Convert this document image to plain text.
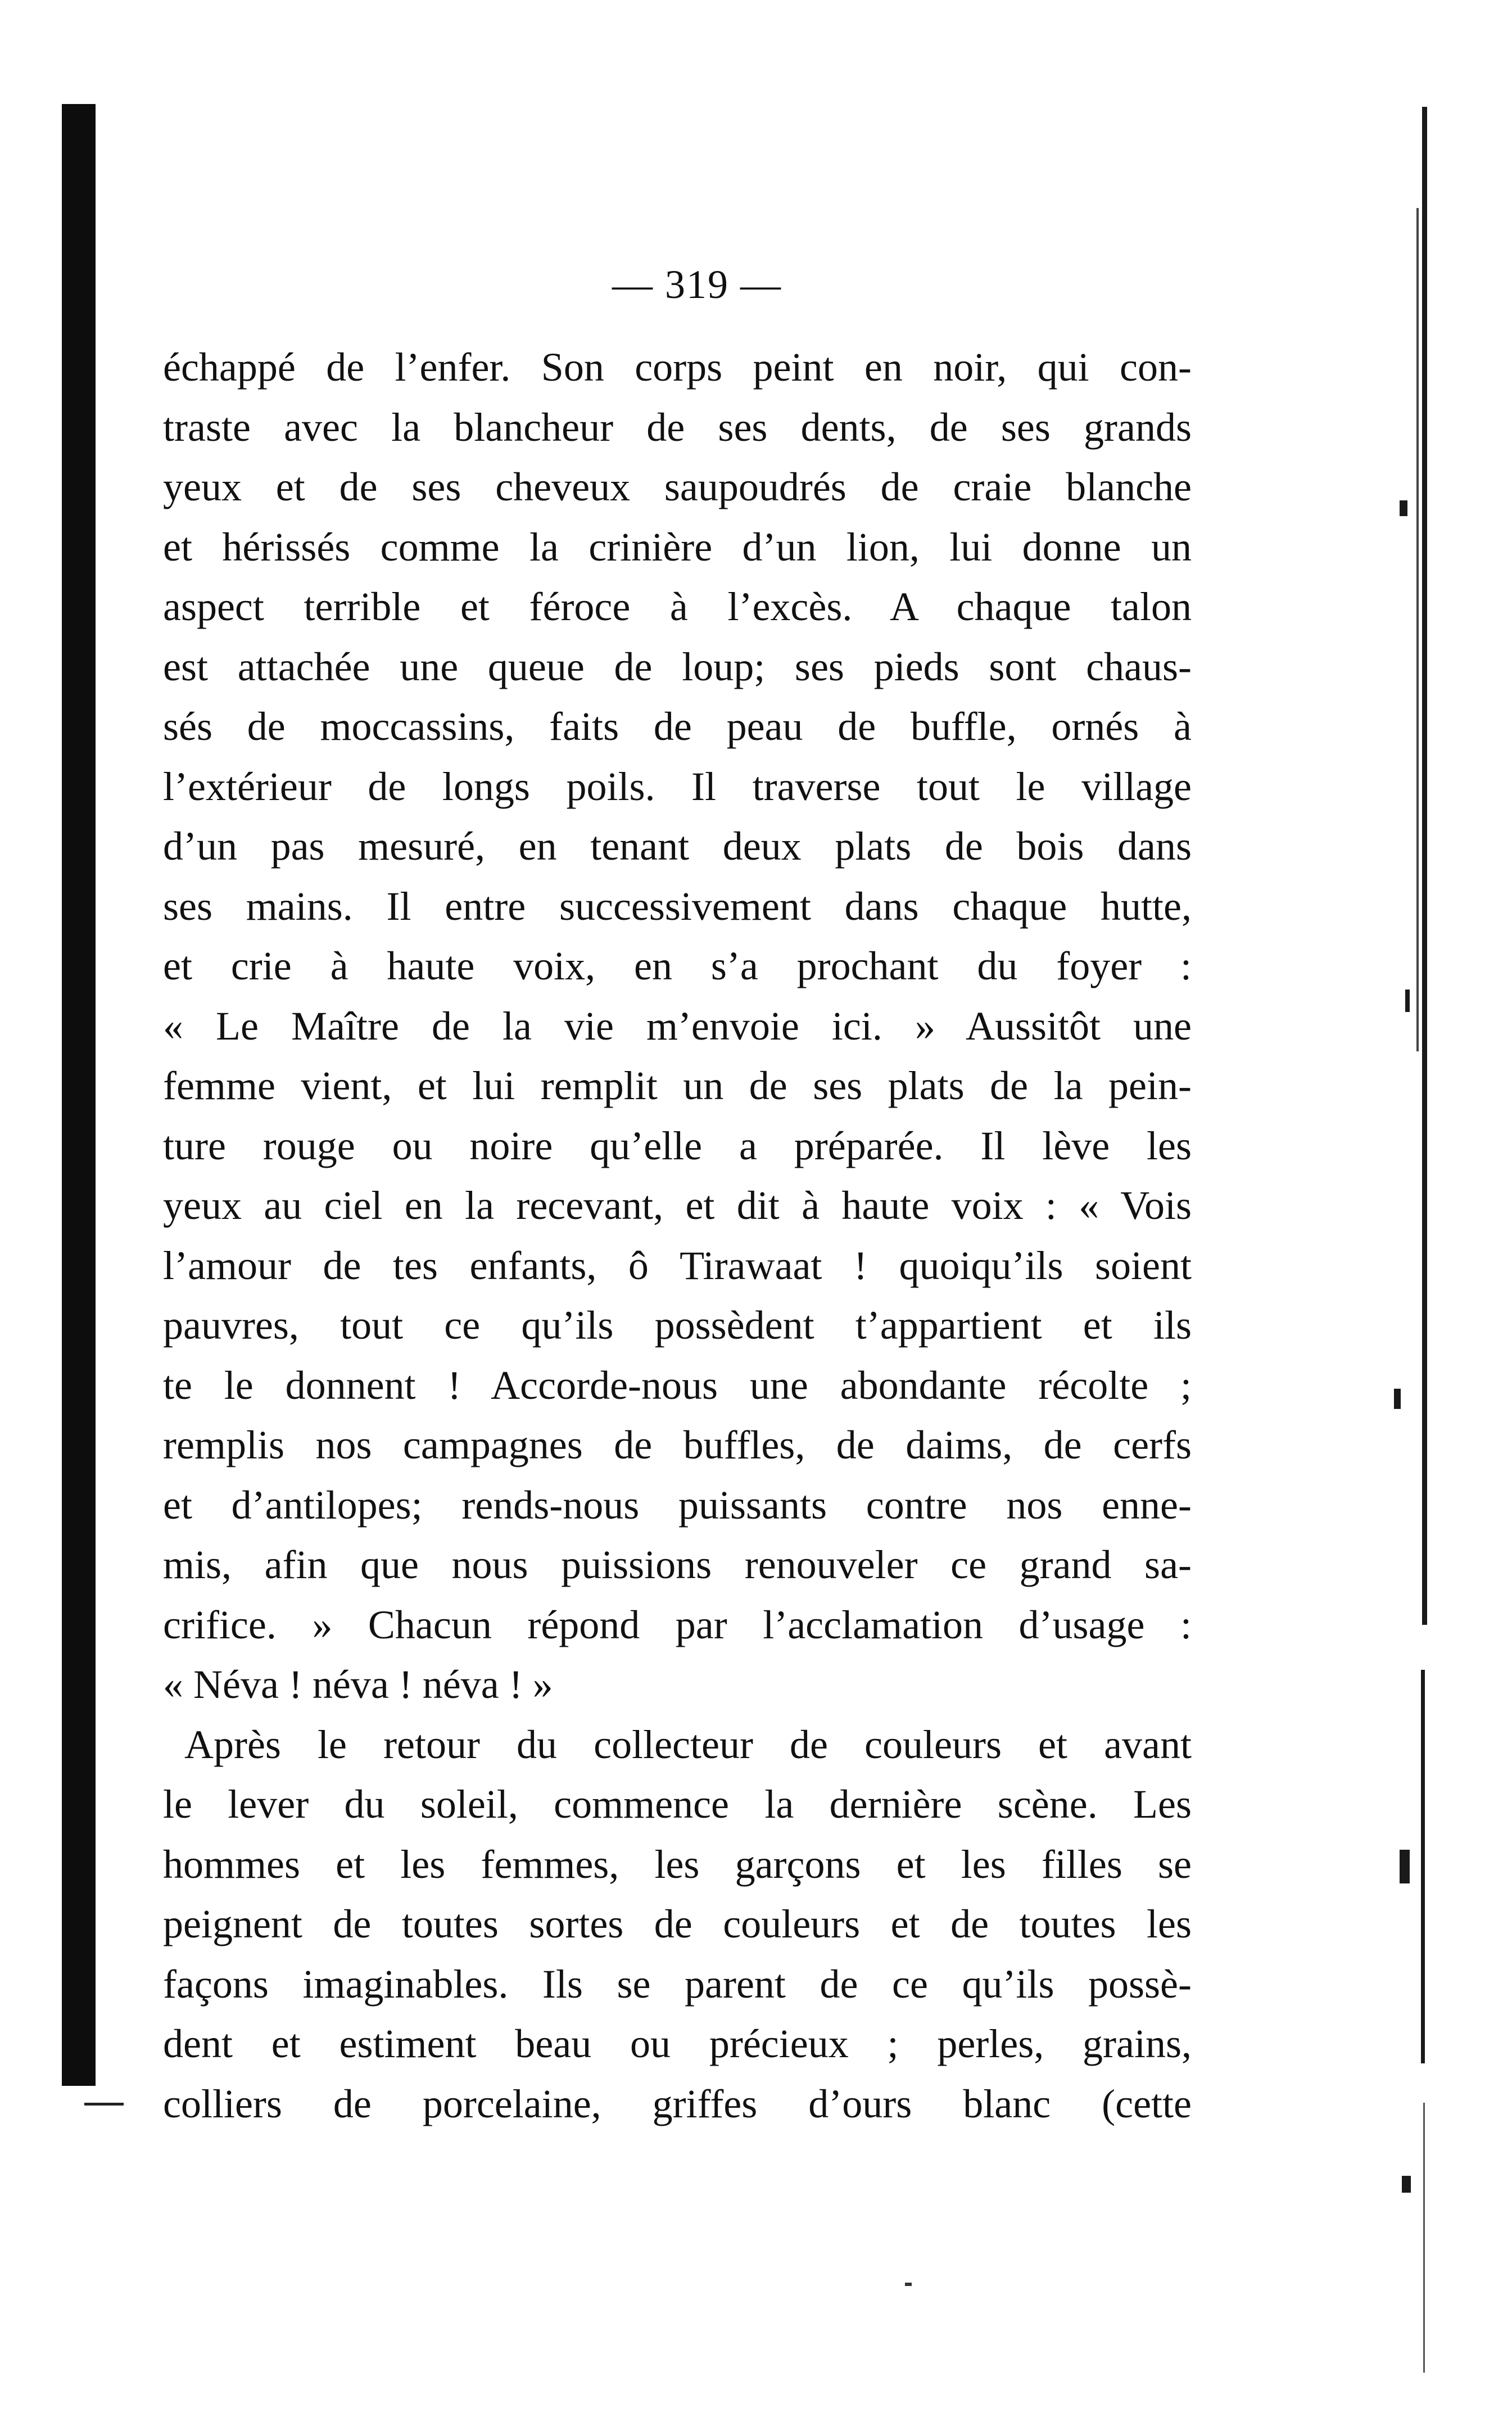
— 319 —
échappé de l’enfer. Son corps peint en noir, qui con-
traste avec la blancheur de ses dents, de ses grands
yeux et de ses cheveux saupoudrés de craie blanche
et hérissés comme la crinière d’un lion, lui donne un
aspect terrible et féroce à l’excès. A chaque talon
est attachée une queue de loup; ses pieds sont chaus-
sés de moccassins, faits de peau de buffle, ornés à
l’extérieur de longs poils. Il traverse tout le village
d’un pas mesuré, en tenant deux plats de bois dans
ses mains. Il entre successivement dans chaque hutte,
et crie à haute voix, en s’a prochant du foyer :
« Le Maître de la vie m’envoie ici. » Aussitôt une
femme vient, et lui remplit un de ses plats de la pein-
ture rouge ou noire qu’elle a préparée. Il lève les
yeux au ciel en la recevant, et dit à haute voix : « Vois
l’amour de tes enfants, ô Tirawaat ! quoiqu’ils soient
pauvres, tout ce qu’ils possèdent t’appartient et ils
te le donnent ! Accorde-nous une abondante récolte ;
remplis nos campagnes de buffles, de daims, de cerfs
et d’antilopes; rends-nous puissants contre nos enne-
mis, afin que nous puissions renouveler ce grand sa-
crifice. » Chacun répond par l’acclamation d’usage :
« Néva ! néva ! néva ! »
Après le retour du collecteur de couleurs et avant
le lever du soleil, commence la dernière scène. Les
hommes et les femmes, les garçons et les filles se
peignent de toutes sortes de couleurs et de toutes les
façons imaginables. Ils se parent de ce qu’ils possè-
dent et estiment beau ou précieux ; perles, grains,
colliers de porcelaine, griffes d’ours blanc (cette
